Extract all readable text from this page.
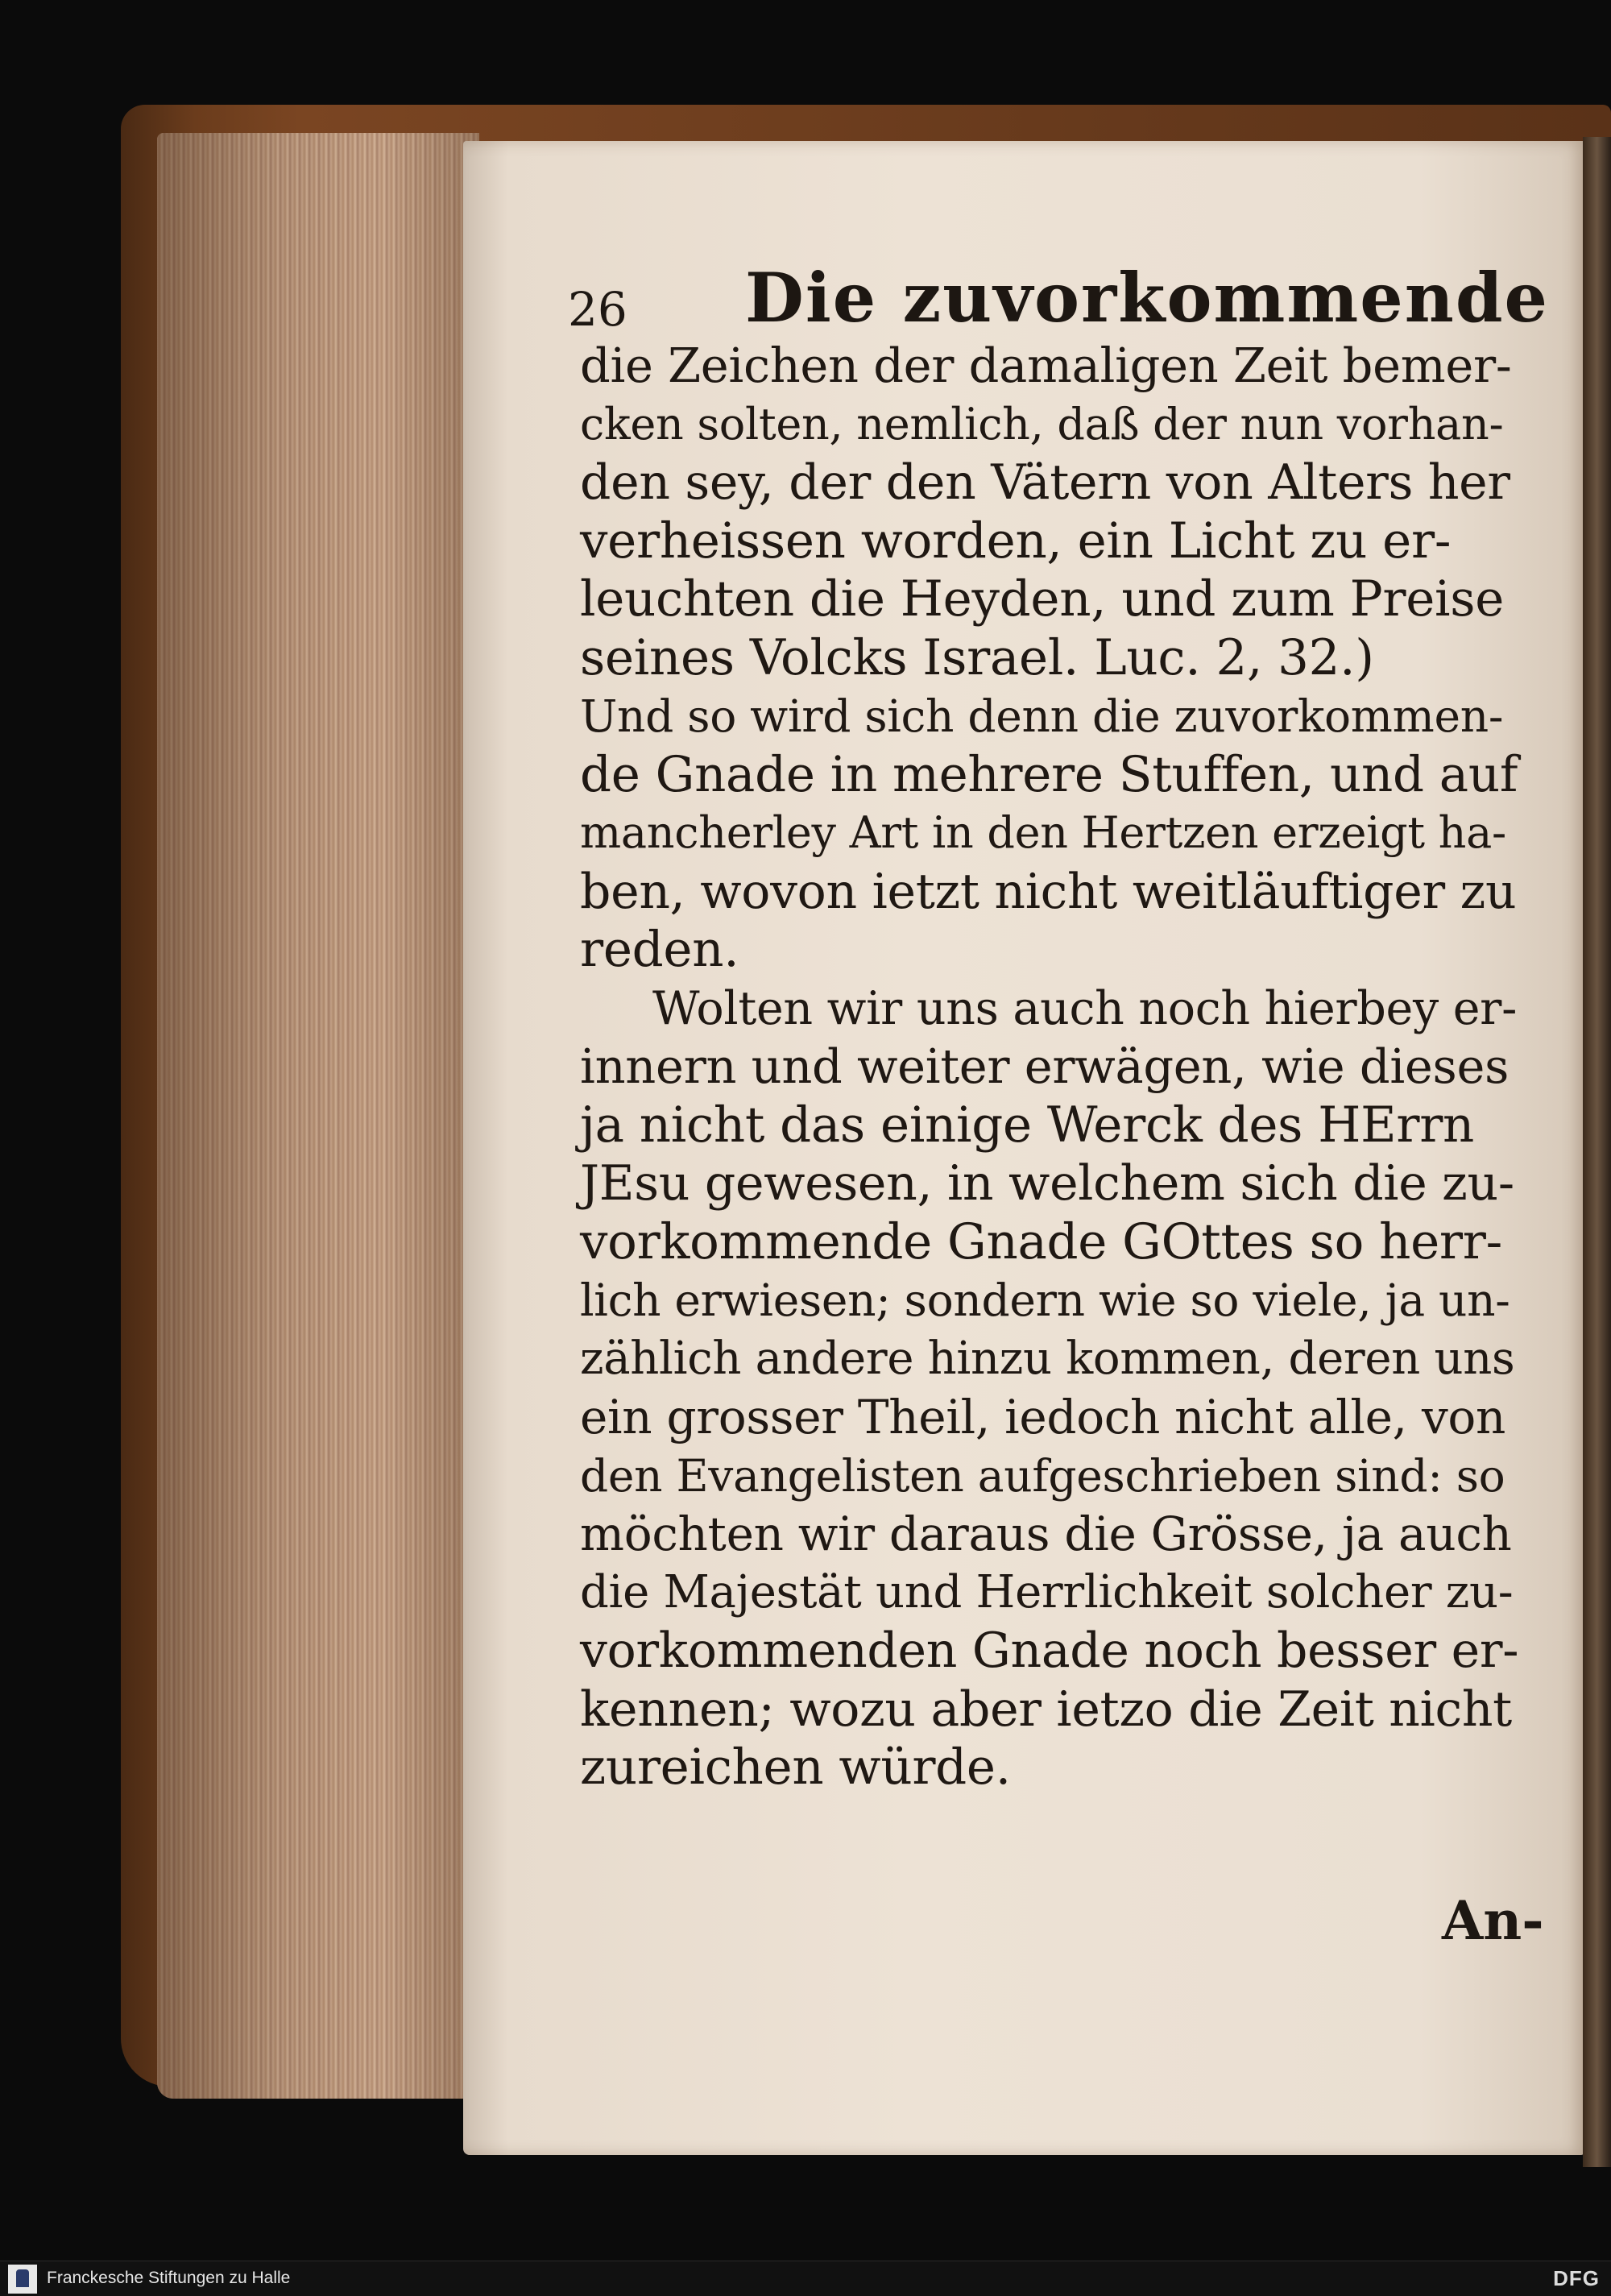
26 Die zuvorkommende
die Zeichen der damaligen Zeit bemer-
cken solten, nemlich, daß der nun vorhan-
den sey, der den Vätern von Alters her
verheissen worden, ein Licht zu er-
leuchten die Heyden, und zum Preise
seines Volcks Israel. Luc. 2, 32.)
Und so wird sich denn die zuvorkommen-
de Gnade in mehrere Stuffen, und auf
mancherley Art in den Hertzen erzeigt ha-
ben, wovon ietzt nicht weitläuftiger zu
reden.
Wolten wir uns auch noch hierbey er-
innern und weiter erwägen, wie dieses
ja nicht das einige Werck des HErrn
JEsu gewesen, in welchem sich die zu-
vorkommende Gnade GOttes so herr-
lich erwiesen; sondern wie so viele, ja un-
zählich andere hinzu kommen, deren uns
ein grosser Theil, iedoch nicht alle, von
den Evangelisten aufgeschrieben sind: so
möchten wir daraus die Grösse, ja auch
die Majestät und Herrlichkeit solcher zu-
vorkommenden Gnade noch besser er-
kennen; wozu aber ietzo die Zeit nicht
zureichen würde.
An-
Franckesche Stiftungen zu Halle	DFG
